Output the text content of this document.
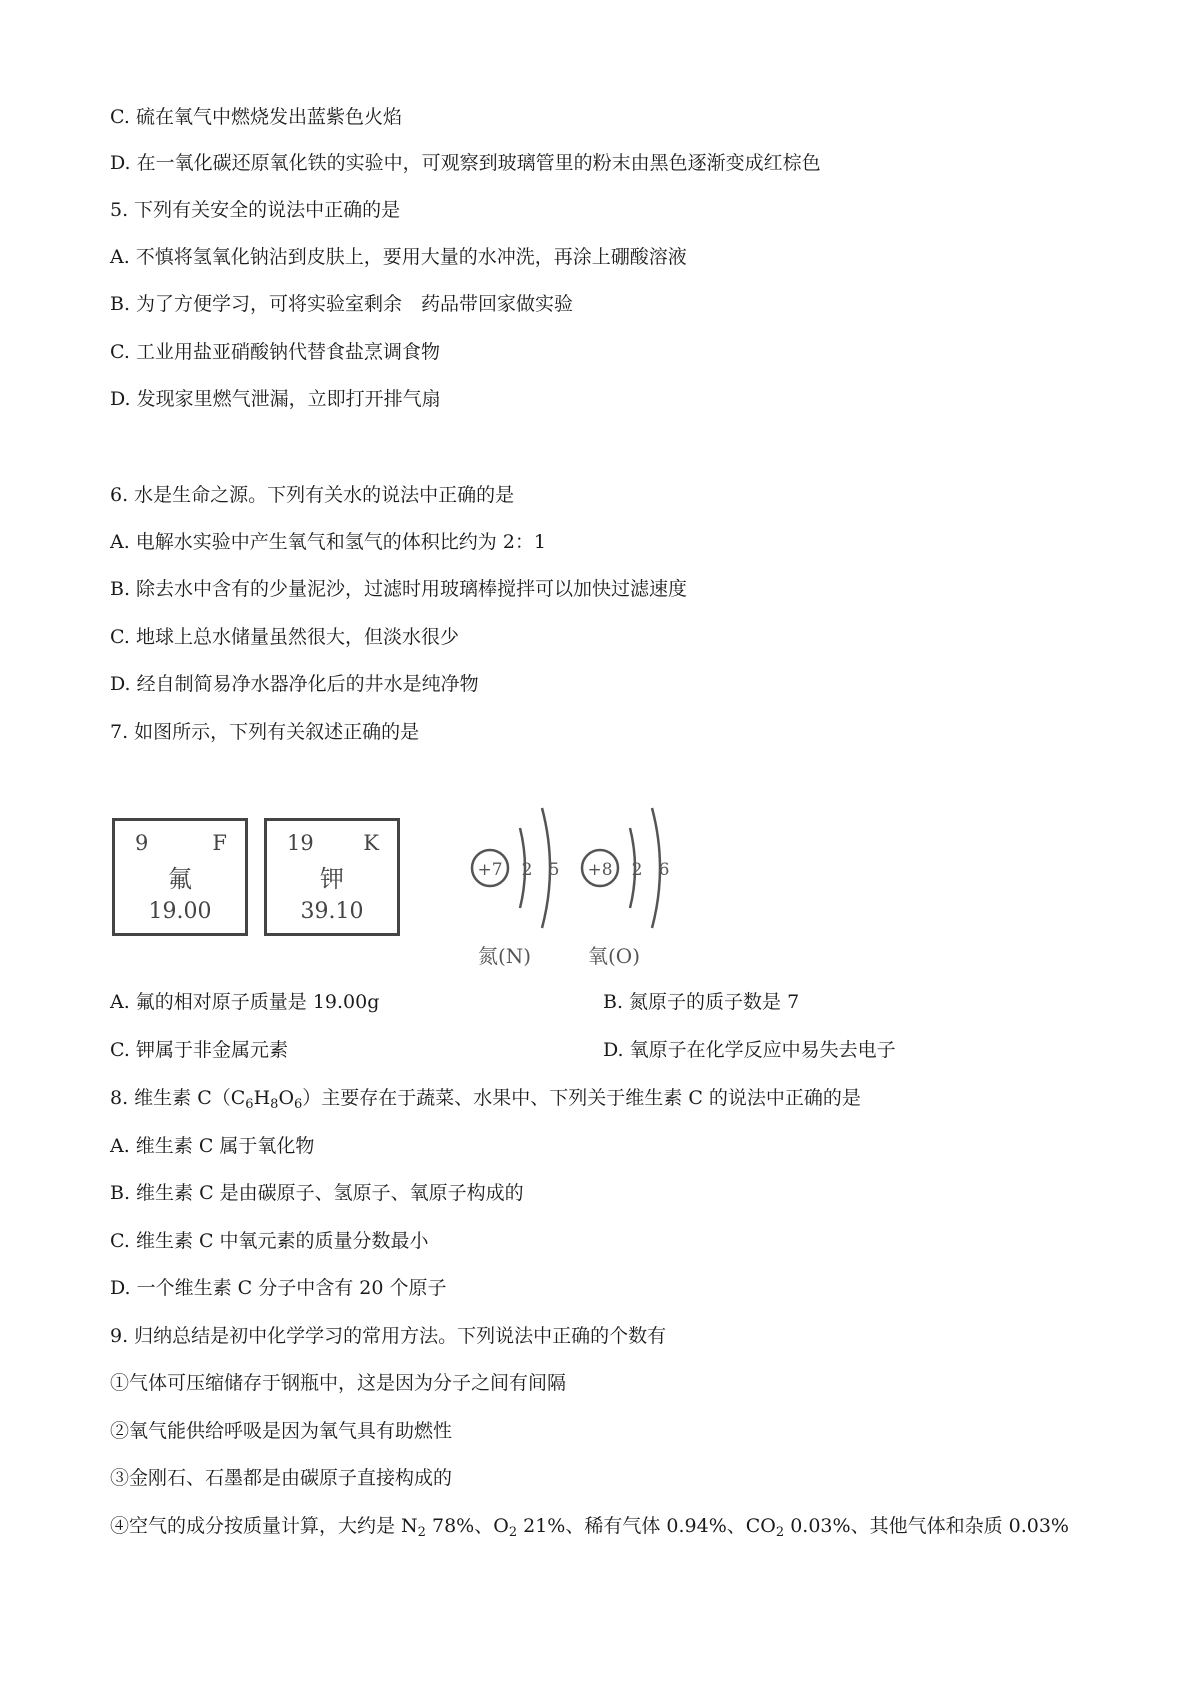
C. 硫在氧气中燃烧发出蓝紫色火焰
D. 在一氧化碳还原氧化铁的实验中，可观察到玻璃管里的粉末由黑色逐渐变成红棕色
5. 下列有关安全的说法中正确的是
A. 不慎将氢氧化钠沾到皮肤上，要用大量的水冲洗，再涂上硼酸溶液
B. 为了方便学习，可将实验室剩余　药品带回家做实验
C. 工业用盐亚硝酸钠代替食盐烹调食物
D. 发现家里燃气泄漏，立即打开排气扇
6. 水是生命之源。下列有关水的说法中正确的是
A. 电解水实验中产生氧气和氢气的体积比约为 2：1
B. 除去水中含有的少量泥沙，过滤时用玻璃棒搅拌可以加快过滤速度
C. 地球上总水储量虽然很大，但淡水很少
D. 经自制简易净水器净化后的井水是纯净物
7. 如图所示，下列有关叙述正确的是
9	F
氟
19.00
19 K
钾
39.10
+7 2 5 +8 2 6
氮(N)	氧(O)
A. 氟的相对原子质量是 19.00g	B. 氮原子的质子数是 7
C. 钾属于非金属元素	D. 氧原子在化学反应中易失去电子
8. 维生素 $C(C_6H_8O_6)$主要存在于蔬菜、水果中、下列关于维生素 C 的说法中正确的是
A. 维生素 C 属于氧化物
B. 维生素 C 是由碳原子、氢原子、氧原子构成的
C. 维生素 C 中氧元素的质量分数最小
D. 一个维生素 C 分子中含有 20 个原子
9. 归纳总结是初中化学学习的常用方法。下列说法中正确的个数有
①气体可压缩储存于钢瓶中，这是因为分子之间有间隔
②氧气能供给呼吸是因为氧气具有助燃性
③金刚石、石墨都是由碳原子直接构成的
④空气的成分按质量计算，大约是 $N_2$ 78%、$O_2$ 21%、稀有气体 0.94%、$CO_2$ 0.03%、其他气体和杂质 0.03%
